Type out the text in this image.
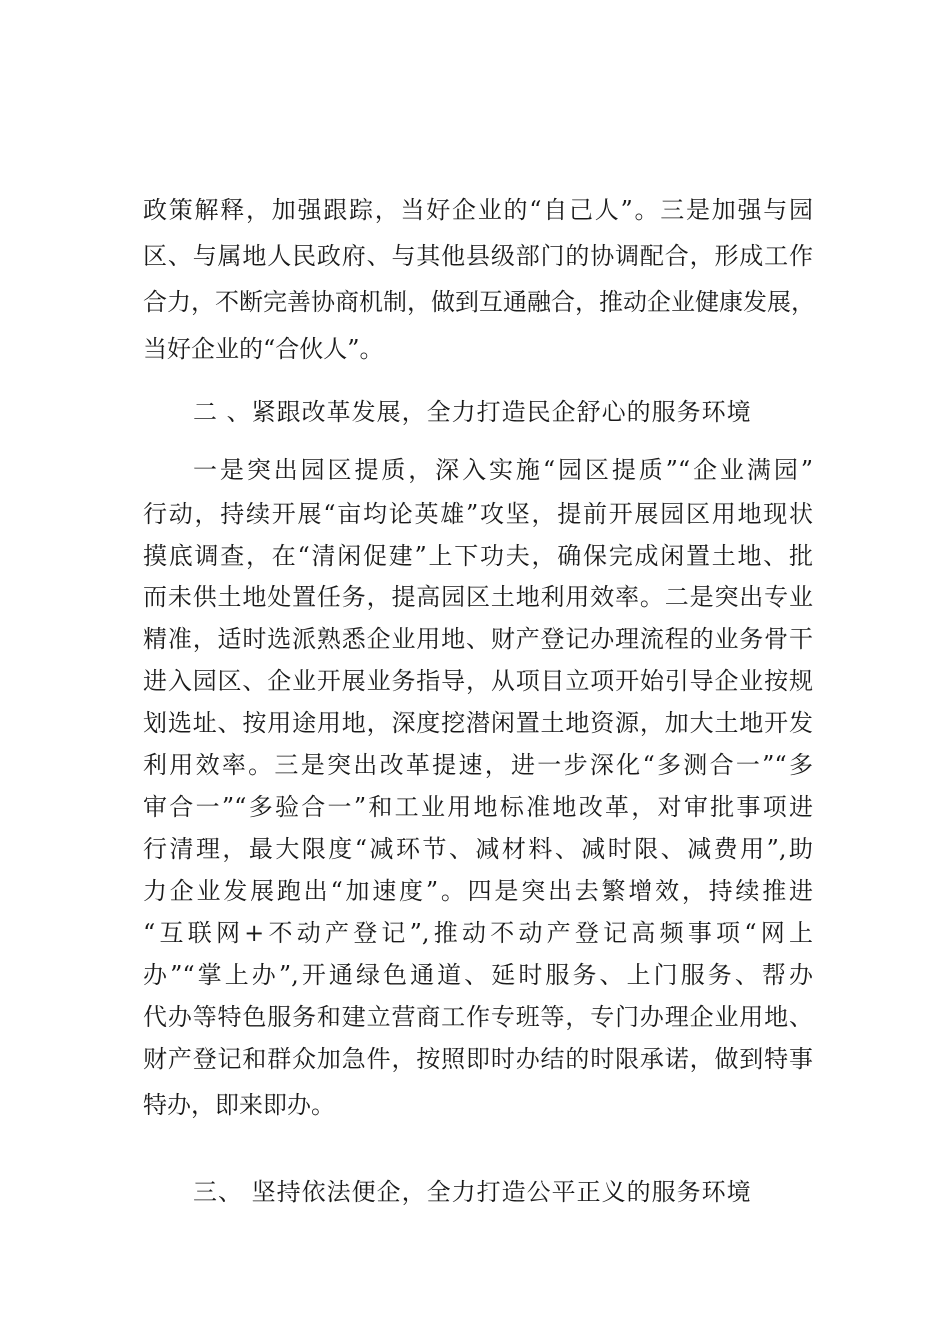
政策解释，加强跟踪，当好企业的“自己人”。三是加强与园
区、与属地人民政府、与其他县级部门的协调配合，形成工作
合力，不断完善协商机制，做到互通融合，推动企业健康发展，
当好企业的“合伙人”。
二 、紧跟改革发展，全力打造民企舒心的服务环境
一是突出园区提质，深入实施“园区提质”“企业满园”
行动，持续开展“亩均论英雄”攻坚，提前开展园区用地现状
摸底调查，在“清闲促建”上下功夫，确保完成闲置土地、批
而未供土地处置任务，提高园区土地利用效率。二是突出专业
精准，适时选派熟悉企业用地、财产登记办理流程的业务骨干
进入园区、企业开展业务指导，从项目立项开始引导企业按规
划选址、按用途用地，深度挖潜闲置土地资源，加大土地开发
利用效率。三是突出改革提速，进一步深化“多测合一”“多
审合一”“多验合一”和工业用地标准地改革，对审批事项进
行清理，最大限度“减环节、减材料、减时限、减费用”,助
力企业发展跑出“加速度”。四是突出去繁增效，持续推进
“互联网+不动产登记”,推动不动产登记高频事项“网上
办”“掌上办”,开通绿色通道、延时服务、上门服务、帮办
代办等特色服务和建立营商工作专班等，专门办理企业用地、
财产登记和群众加急件，按照即时办结的时限承诺，做到特事
特办，即来即办。
三、 坚持依法便企，全力打造公平正义的服务环境
